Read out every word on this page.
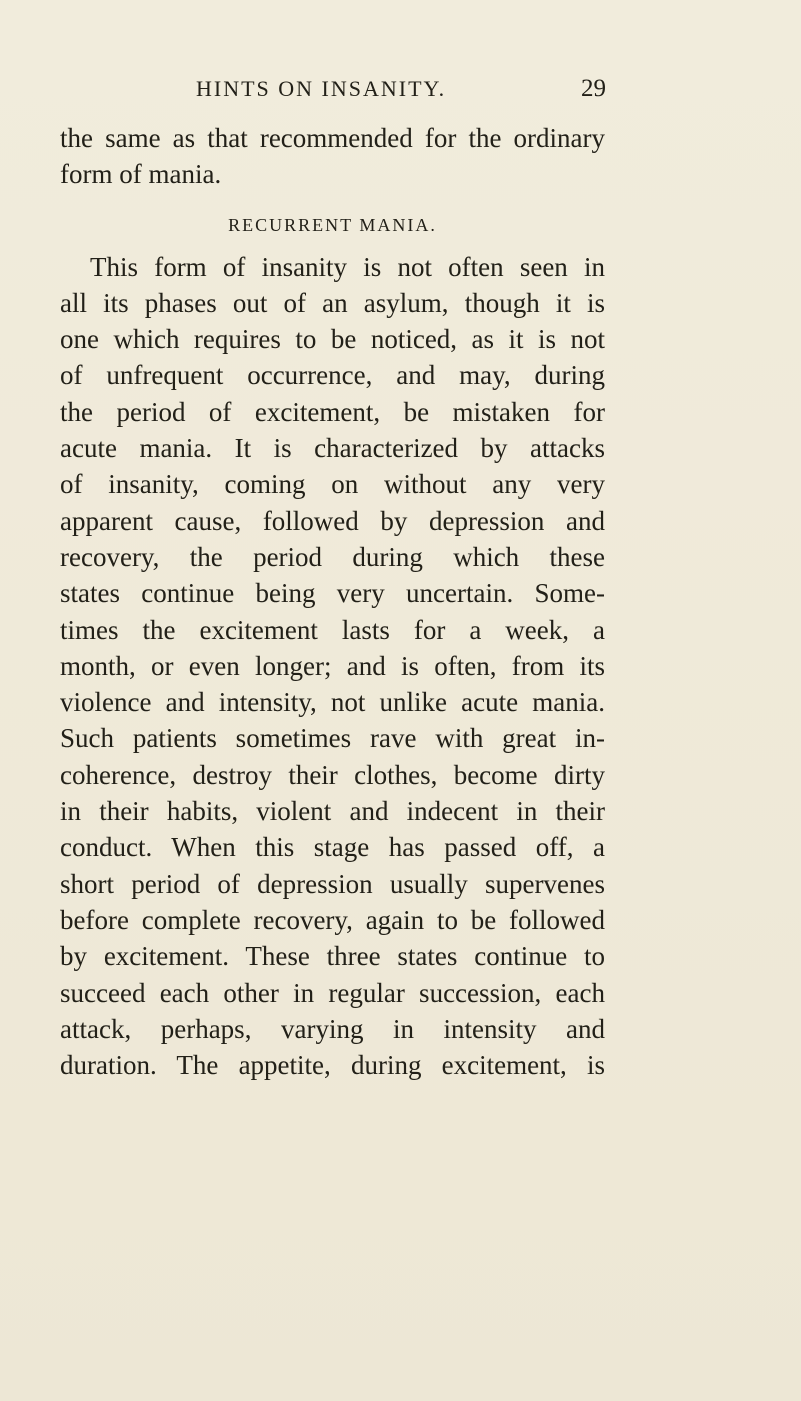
HINTS ON INSANITY.	29
the same as that recommended for the ordinary
form of mania.
RECURRENT MANIA.
This form of insanity is not often seen in
all its phases out of an asylum, though it is
one which requires to be noticed, as it is not
of unfrequent occurrence, and may, during
the period of excitement, be mistaken for
acute mania. It is characterized by attacks
of insanity, coming on without any very
apparent cause, followed by depression and
recovery, the period during which these
states continue being very uncertain. Some-
times the excitement lasts for a week, a
month, or even longer; and is often, from its
violence and intensity, not unlike acute mania.
Such patients sometimes rave with great in-
coherence, destroy their clothes, become dirty
in their habits, violent and indecent in their
conduct. When this stage has passed off, a
short period of depression usually supervenes
before complete recovery, again to be followed
by excitement. These three states continue to
succeed each other in regular succession, each
attack, perhaps, varying in intensity and
duration. The appetite, during excitement, is
